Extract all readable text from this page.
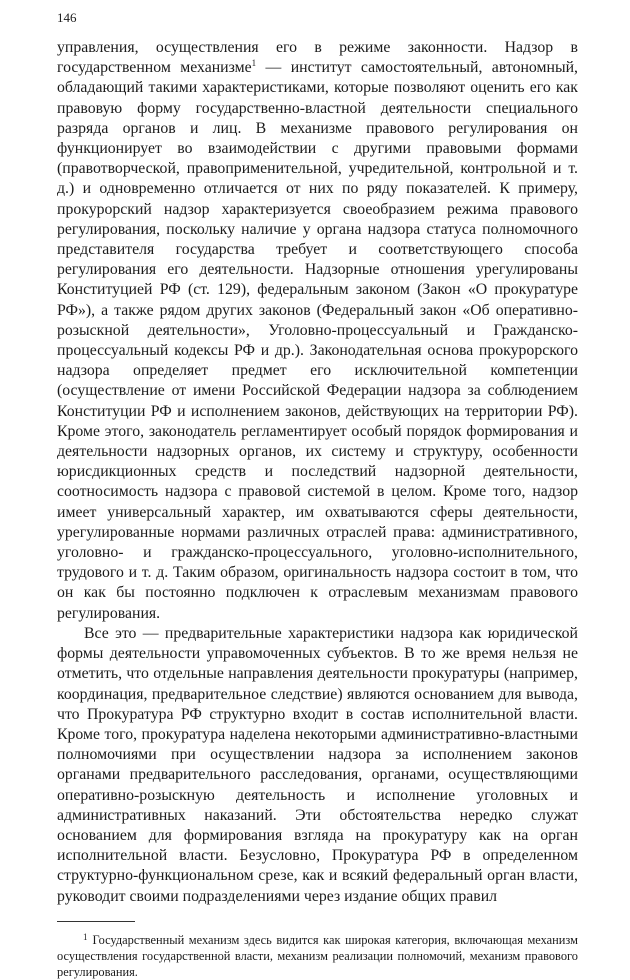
146

управления, осуществления его в режиме законности. Надзор в государственном механизме$^1$ — институт самостоятельный, автономный, обладающий такими характеристиками, которые позволяют оценить его как правовую форму государственно-властной деятельности специального разряда органов и лиц. В механизме правового регулирования он функционирует во взаимодействии с другими правовыми формами (правотворческой, правоприменительной, учредительной, контрольной и т. д.) и одновременно отличается от них по ряду показателей. К примеру, прокурорский надзор характеризуется своеобразием режима правового регулирования, поскольку наличие у органа надзора статуса полномочного представителя государства требует и соответствующего способа регулирования его деятельности. Надзорные отношения урегулированы Конституцией РФ (ст. 129), федеральным законом (Закон «О прокуратуре РФ»), а также рядом других законов (Федеральный закон «Об оперативно-розыскной деятельности», Уголовно-процессуальный и Гражданско-процессуальный кодексы РФ и др.). Законодательная основа прокурорского надзора определяет предмет его исключительной компетенции (осуществление от имени Российской Федерации надзора за соблюдением Конституции РФ и исполнением законов, действующих на территории РФ). Кроме этого, законодатель регламентирует особый порядок формирования и деятельности надзорных органов, их систему и структуру, особенности юрисдикционных средств и последствий надзорной деятельности, соотносимость надзора с правовой системой в целом. Кроме того, надзор имеет универсальный характер, им охватываются сферы деятельности, урегулированные нормами различных отраслей права: административного, уголовно- и гражданско-процессуального, уголовно-исполнительного, трудового и т. д. Таким образом, оригинальность надзора состоит в том, что он как бы постоянно подключен к отраслевым механизмам правового регулирования.

Все это — предварительные характеристики надзора как юридической формы деятельности управомоченных субъектов. В то же время нельзя не отметить, что отдельные направления деятельности прокуратуры (например, координация, предварительное следствие) являются основанием для вывода, что Прокуратура РФ структурно входит в состав исполнительной власти. Кроме того, прокуратура наделена некоторыми административно-властными полномочиями при осуществлении надзора за исполнением законов органами предварительного расследования, органами, осуществляющими оперативно-розыскную деятельность и исполнение уголовных и административных наказаний. Эти обстоятельства нередко служат основанием для формирования взгляда на прокуратуру как на орган исполнительной власти. Безусловно, Прокуратура РФ в определенном структурно-функциональном срезе, как и всякий федеральный орган власти, руководит своими подразделениями через издание общих правил

$^1$ Государственный механизм здесь видится как широкая категория, включающая механизм осуществления государственной власти, механизм реализации полномочий, механизм правового регулирования.
